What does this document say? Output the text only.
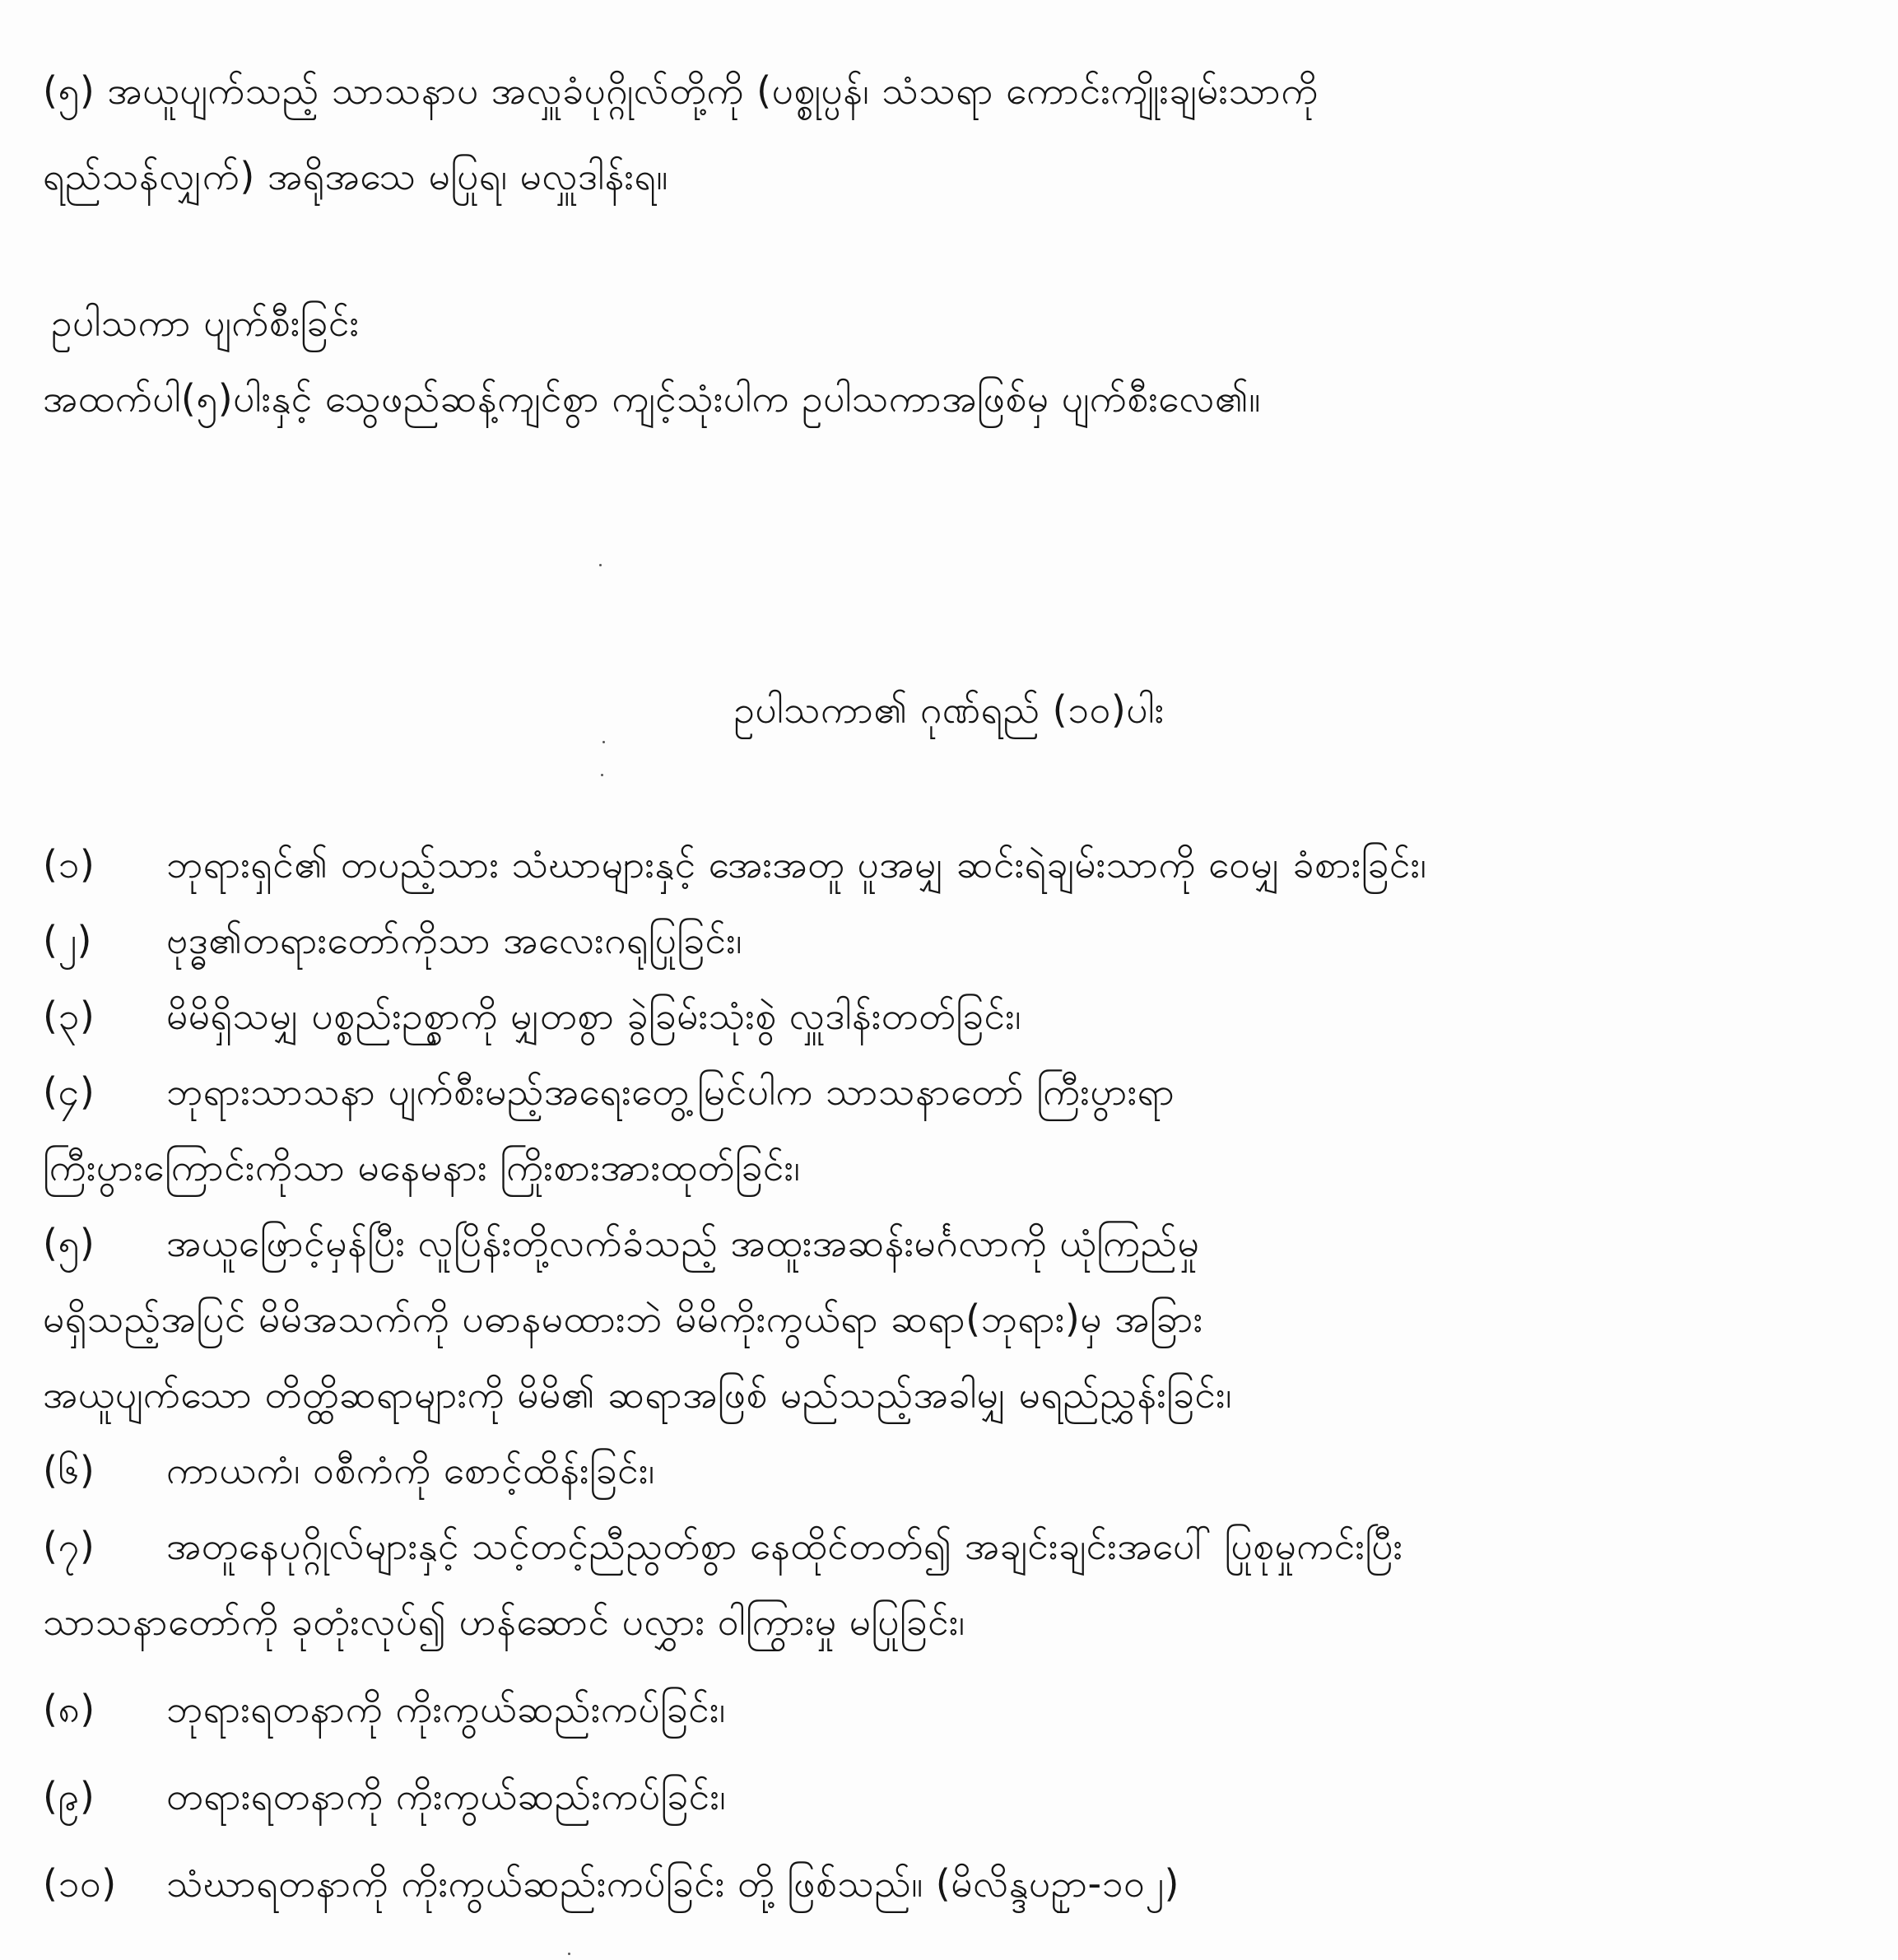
(၅) အယူပျက်သည့် သာသနာပ အလှူခံပုဂ္ဂိုလ်တို့ကို (ပစ္စုပ္ပန်၊ သံသရာ ကောင်းကျိုးချမ်းသာကို
ရည်သန်လျှက်) အရိုအသေ မပြုရ၊ မလှူဒါန်းရ။
ဥပါသကာ ပျက်စီးခြင်း
အထက်ပါ(၅)ပါးနှင့် သွေဖည်ဆန့်ကျင်စွာ ကျင့်သုံးပါက ဥပါသကာအဖြစ်မှ ပျက်စီးလေ၏။
ဥပါသကာ၏ ဂုဏ်ရည် (၁၀)ပါး
(၁) ဘုရားရှင်၏ တပည့်သား သံဃာများနှင့် အေးအတူ ပူအမျှ ဆင်းရဲချမ်းသာကို ဝေမျှ ခံစားခြင်း၊
(၂) ဗုဒ္ဓ၏တရားတော်ကိုသာ အလေးဂရုပြုခြင်း၊
(၃) မိမိရှိသမျှ ပစ္စည်းဉစ္စာကို မျှတစွာ ခွဲခြမ်းသုံးစွဲ လှူဒါန်းတတ်ခြင်း၊
(၄) ဘုရားသာသနာ ပျက်စီးမည့်အရေးတွေ့မြင်ပါက သာသနာတော် ကြီးပွားရာ
ကြီးပွားကြောင်းကိုသာ မနေမနား ကြိုးစားအားထုတ်ခြင်း၊
(၅) အယူဖြောင့်မှန်ပြီး လူပြိန်းတို့လက်ခံသည့် အထူးအဆန်းမင်္ဂလာကို ယုံကြည်မှု
မရှိသည့်အပြင် မိမိအသက်ကို ပဓာနမထားဘဲ မိမိကိုးကွယ်ရာ ဆရာ(ဘုရား)မှ အခြား
အယူပျက်သော တိတ္ထိဆရာများကို မိမိ၏ ဆရာအဖြစ် မည်သည့်အခါမျှ မရည်ညွှန်းခြင်း၊
(၆) ကာယကံ၊ ဝစီကံကို စောင့်ထိန်းခြင်း၊
(၇) အတူနေပုဂ္ဂိုလ်များနှင့် သင့်တင့်ညီညွတ်စွာ နေထိုင်တတ်၍ အချင်းချင်းအပေါ် ပြုစုမှုကင်းပြီး
သာသနာတော်ကို ခုတုံးလုပ်၍ ဟန်ဆောင် ပလွှား ဝါကြွားမှု မပြုခြင်း၊
(၈) ဘုရားရတနာကို ကိုးကွယ်ဆည်းကပ်ခြင်း၊
(၉) တရားရတနာကို ကိုးကွယ်ဆည်းကပ်ခြင်း၊
(၁၀) သံဃာရတနာကို ကိုးကွယ်ဆည်းကပ်ခြင်း တို့ ဖြစ်သည်။ (မိလိန္ဒပဥှာ-၁၀၂)
